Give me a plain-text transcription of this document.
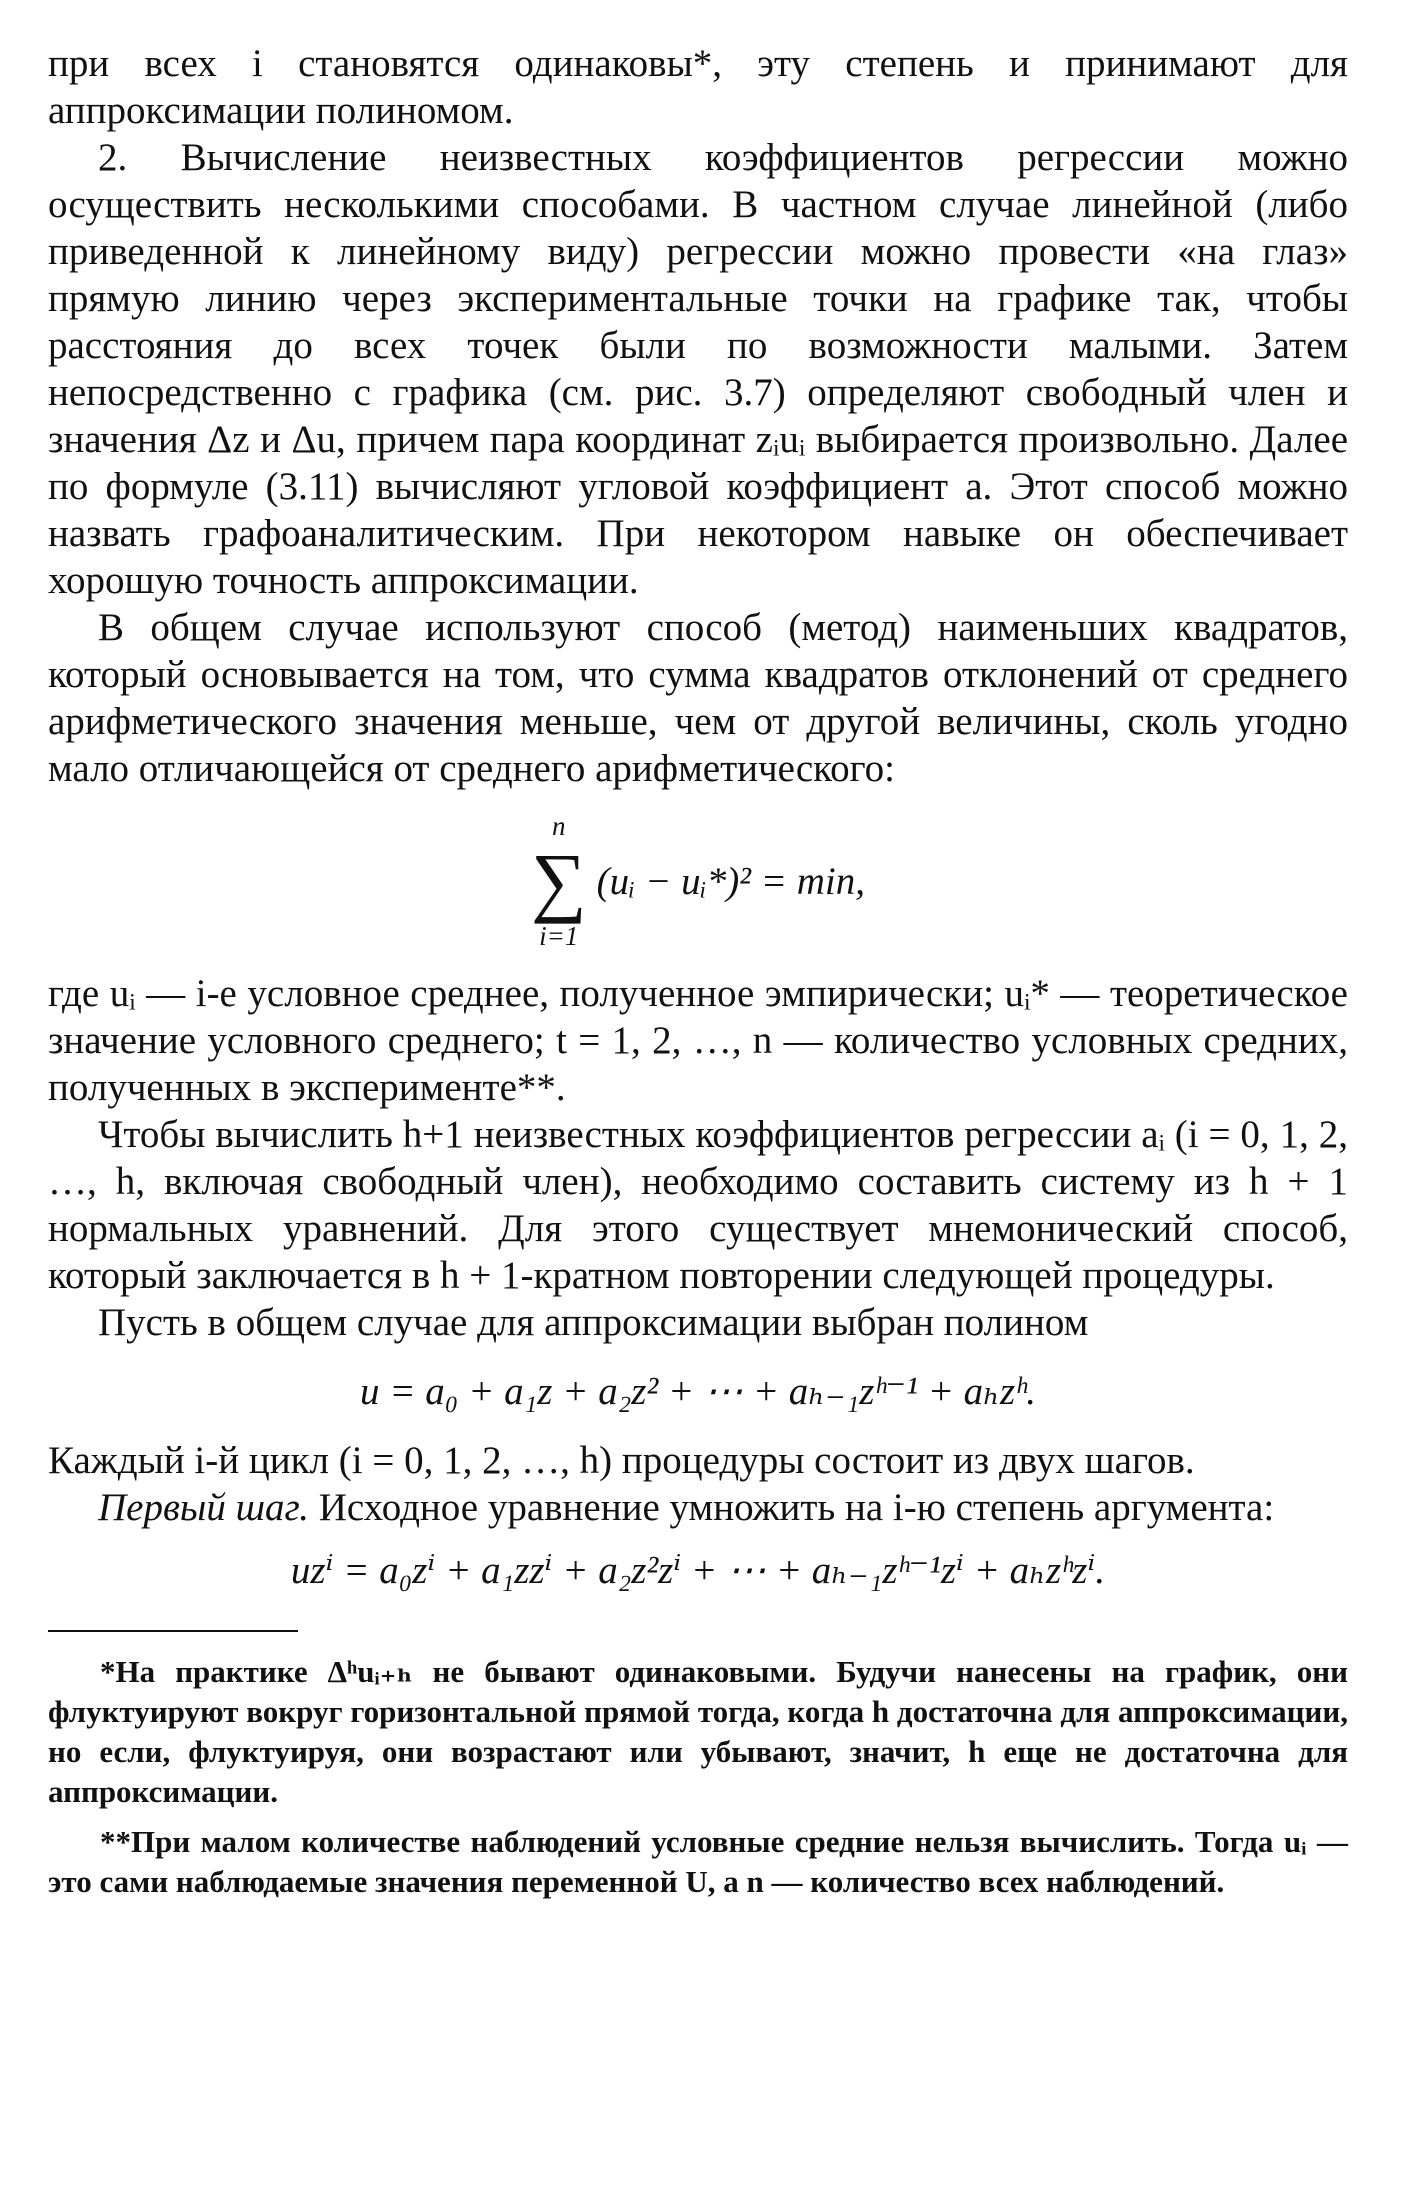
при всех i становятся одинаковы*, эту степень и принимают для аппроксимации полиномом.

2. Вычисление неизвестных коэффициентов регрессии можно осуществить несколькими способами. В частном случае линейной (либо приведенной к линейному виду) регрессии можно провести «на глаз» прямую линию через экспериментальные точки на графике так, чтобы расстояния до всех точек были по возможности малыми. Затем непосредственно с графика (см. рис. 3.7) определяют свободный член и значения Δz и Δu, причем пара координат zᵢuᵢ выбирается произвольно. Далее по формуле (3.11) вычисляют угловой коэффициент a. Этот способ можно назвать графоаналитическим. При некотором навыке он обеспечивает хорошую точность аппроксимации.

В общем случае используют способ (метод) наименьших квадратов, который основывается на том, что сумма квадратов отклонений от среднего арифметического значения меньше, чем от другой величины, сколь угодно мало отличающейся от среднего арифметического:

n
∑
i=1
(uᵢ − uᵢ*)² = min,

где uᵢ — i-е условное среднее, полученное эмпирически; uᵢ* — теоретическое значение условного среднего; t = 1, 2, …, n — количество условных средних, полученных в эксперименте**.

Чтобы вычислить h+1 неизвестных коэффициентов регрессии aᵢ (i = 0, 1, 2, …, h, включая свободный член), необходимо составить систему из h + 1 нормальных уравнений. Для этого существует мнемонический способ, который заключается в h + 1-кратном повторении следующей процедуры.

Пусть в общем случае для аппроксимации выбран полином

u = a₀ + a₁z + a₂z² + ⋯ + aₕ₋₁zʰ⁻¹ + aₕzʰ.

Каждый i-й цикл (i = 0, 1, 2, …, h) процедуры состоит из двух шагов.

Первый шаг. Исходное уравнение умножить на i-ю степень аргумента:

uzⁱ = a₀zⁱ + a₁zzⁱ + a₂z²zⁱ + ⋯ + aₕ₋₁zʰ⁻¹zⁱ + aₕzʰzⁱ.

*На практике Δʰuᵢ₊ₕ не бывают одинаковыми. Будучи нанесены на график, они флуктуируют вокруг горизонтальной прямой тогда, когда h достаточна для аппроксимации, но если, флуктуируя, они возрастают или убывают, значит, h еще не достаточна для аппроксимации.

**При малом количестве наблюдений условные средние нельзя вычислить. Тогда uᵢ — это сами наблюдаемые значения переменной U, а n — количество всех наблюдений.
